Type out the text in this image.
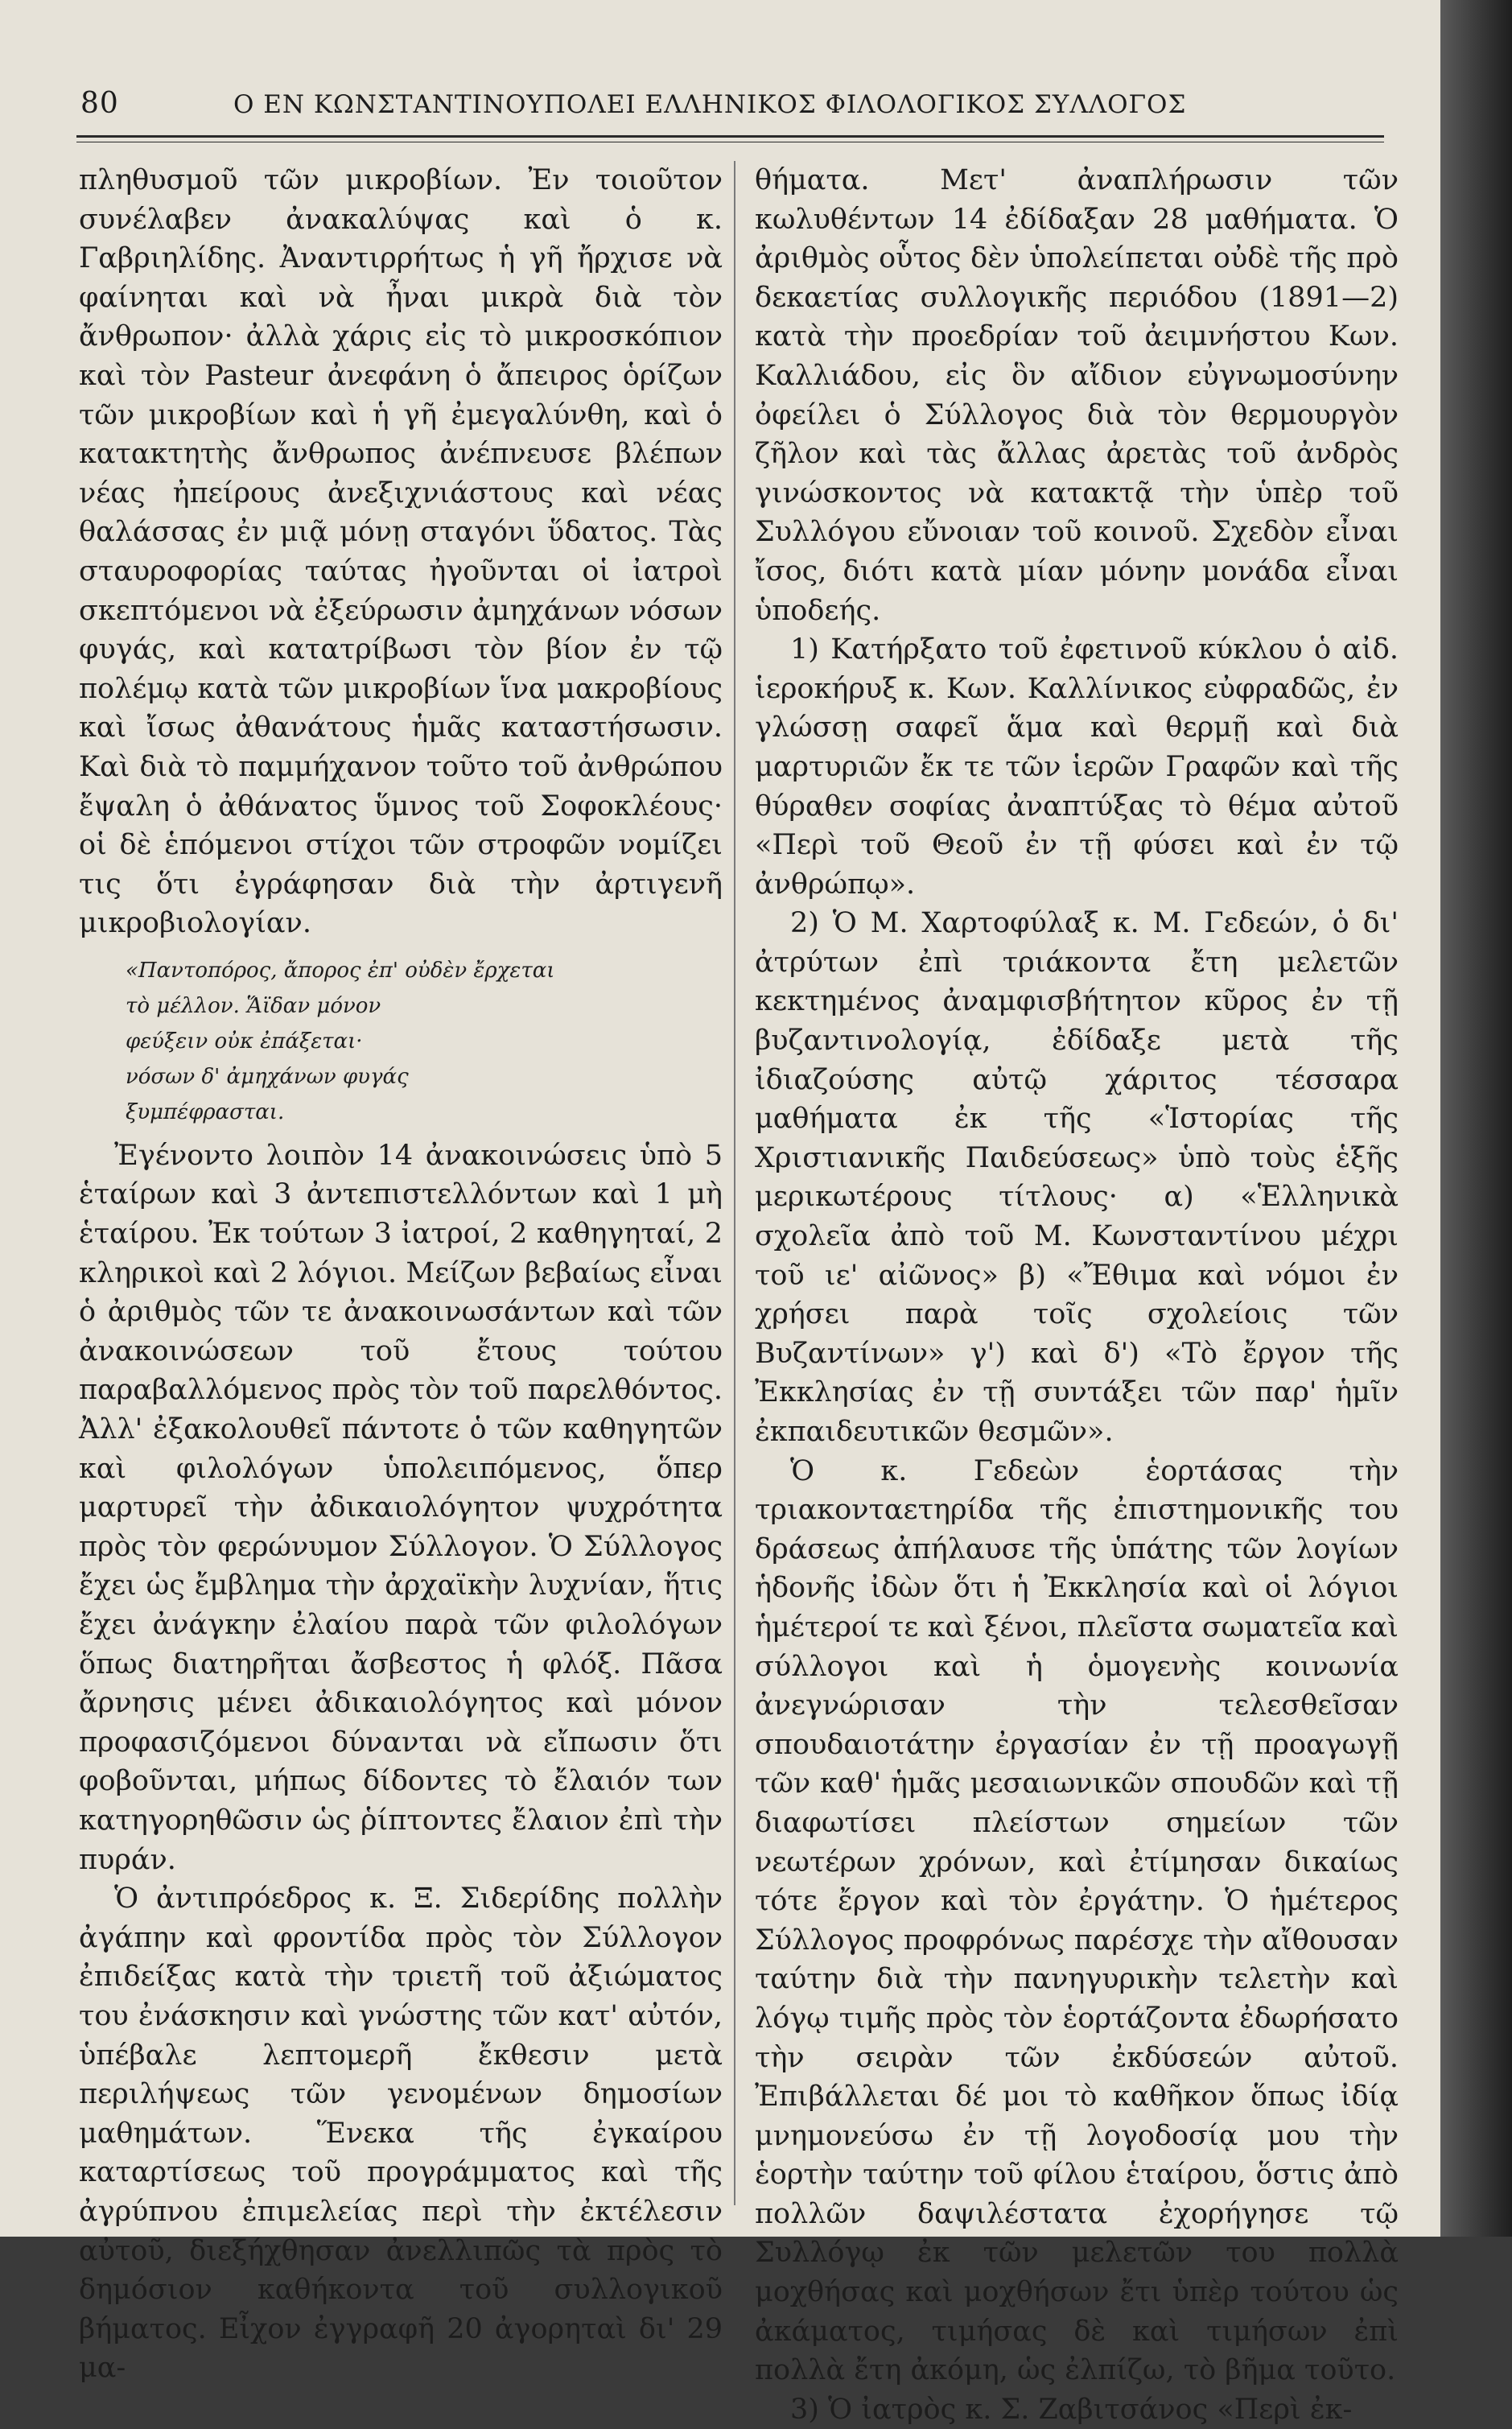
80	Ο ΕΝ ΚΩΝΣΤΑΝΤΙΝΟΥΠΟΛΕΙ ΕΛΛΗΝΙΚΟΣ ΦΙΛΟΛΟΓΙΚΟΣ ΣΥΛΛΟΓΟΣ

πληθυσμοῦ τῶν μικροβίων. Ἐν τοιοῦτον συνέλαβεν ἀνακαλύψας καὶ ὁ κ. Γαβριηλίδης. Ἀναντιρρήτως ἡ γῆ ἤρχισε νὰ φαίνηται καὶ νὰ ἦναι μικρὰ διὰ τὸν ἄνθρωπον· ἀλλὰ χάρις εἰς τὸ μικροσκόπιον καὶ τὸν Pasteur ἀνεφάνη ὁ ἄπειρος ὁρίζων τῶν μικροβίων καὶ ἡ γῆ ἐμεγαλύνθη, καὶ ὁ κατακτητὴς ἄνθρωπος ἀνέπνευσε βλέπων νέας ἠπείρους ἀνεξιχνιάστους καὶ νέας θαλάσσας ἐν μιᾷ μόνῃ σταγόνι ὕδατος. Τὰς σταυροφορίας ταύτας ἠγοῦνται οἱ ἰατροὶ σκεπτόμενοι νὰ ἐξεύρωσιν ἀμηχάνων νόσων φυγάς, καὶ κατατρίβωσι τὸν βίον ἐν τῷ πολέμῳ κατὰ τῶν μικροβίων ἵνα μακροβίους καὶ ἴσως ἀθανάτους ἡμᾶς καταστήσωσιν. Καὶ διὰ τὸ παμμήχανον τοῦτο τοῦ ἀνθρώπου ἔψαλη ὁ ἀθάνατος ὕμνος τοῦ Σοφοκλέους· οἱ δὲ ἑπόμενοι στίχοι τῶν στροφῶν νομίζει τις ὅτι ἐγράφησαν διὰ τὴν ἀρτιγενῆ μικροβιολογίαν.

«Παντοπόρος, ἄπορος ἐπ' οὐδὲν ἔρχεται
τὸ μέλλον. Ἅϊδαν μόνον
φεύξειν οὐκ ἐπάξεται·
νόσων δ' ἀμηχάνων φυγάς
ξυμπέφρασται.

Ἐγένοντο λοιπὸν 14 ἀνακοινώσεις ὑπὸ 5 ἑταίρων καὶ 3 ἀντεπιστελλόντων καὶ 1 μὴ ἑταίρου. Ἐκ τούτων 3 ἰατροί, 2 καθηγηταί, 2 κληρικοὶ καὶ 2 λόγιοι. Μείζων βεβαίως εἶναι ὁ ἀριθμὸς τῶν τε ἀνακοινωσάντων καὶ τῶν ἀνακοινώσεων τοῦ ἔτους τούτου παραβαλλόμενος πρὸς τὸν τοῦ παρελθόντος. Ἀλλ' ἐξακολουθεῖ πάντοτε ὁ τῶν καθηγητῶν καὶ φιλολόγων ὑπολειπόμενος, ὅπερ μαρτυρεῖ τὴν ἀδικαιολόγητον ψυχρότητα πρὸς τὸν φερώνυμον Σύλλογον. Ὁ Σύλλογος ἔχει ὡς ἔμβλημα τὴν ἀρχαϊκὴν λυχνίαν, ἥτις ἔχει ἀνάγκην ἐλαίου παρὰ τῶν φιλολόγων ὅπως διατηρῆται ἄσβεστος ἡ φλόξ. Πᾶσα ἄρνησις μένει ἀδικαιολόγητος καὶ μόνον προφασιζόμενοι δύνανται νὰ εἴπωσιν ὅτι φοβοῦνται, μήπως δίδοντες τὸ ἔλαιόν των κατηγορηθῶσιν ὡς ῥίπτοντες ἔλαιον ἐπὶ τὴν πυράν.

Ὁ ἀντιπρόεδρος κ. Ξ. Σιδερίδης πολλὴν ἀγάπην καὶ φροντίδα πρὸς τὸν Σύλλογον ἐπιδείξας κατὰ τὴν τριετῆ τοῦ ἀξιώματος του ἐνάσκησιν καὶ γνώστης τῶν κατ' αὐτόν, ὑπέβαλε λεπτομερῆ ἔκθεσιν μετὰ περιλήψεως τῶν γενομένων δημοσίων μαθημάτων. Ἕνεκα τῆς ἐγκαίρου καταρτίσεως τοῦ προγράμματος καὶ τῆς ἀγρύπνου ἐπιμελείας περὶ τὴν ἐκτέλεσιν αὐτοῦ, διεξήχθησαν ἀνελλιπῶς τὰ πρὸς τὸ δημόσιον καθήκοντα τοῦ συλλογικοῦ βήματος. Εἶχον ἐγγραφῆ 20 ἀγορηταὶ δι' 29 μα-

θήματα. Μετ' ἀναπλήρωσιν τῶν κωλυθέντων 14 ἐδίδαξαν 28 μαθήματα. Ὁ ἀριθμὸς οὗτος δὲν ὑπολείπεται οὐδὲ τῆς πρὸ δεκαετίας συλλογικῆς περιόδου (1891—2) κατὰ τὴν προεδρίαν τοῦ ἀειμνήστου Κων. Καλλιάδου, εἰς ὃν αἴδιον εὐγνωμοσύνην ὀφείλει ὁ Σύλλογος διὰ τὸν θερμουργὸν ζῆλον καὶ τὰς ἄλλας ἀρετὰς τοῦ ἀνδρὸς γινώσκοντος νὰ κατακτᾷ τὴν ὑπὲρ τοῦ Συλλόγου εὔνοιαν τοῦ κοινοῦ. Σχεδὸν εἶναι ἴσος, διότι κατὰ μίαν μόνην μονάδα εἶναι ὑποδεής.

1) Κατήρξατο τοῦ ἐφετινοῦ κύκλου ὁ αἰδ. ἱεροκήρυξ κ. Κων. Καλλίνικος εὐφραδῶς, ἐν γλώσσῃ σαφεῖ ἅμα καὶ θερμῇ καὶ διὰ μαρτυριῶν ἔκ τε τῶν ἱερῶν Γραφῶν καὶ τῆς θύραθεν σοφίας ἀναπτύξας τὸ θέμα αὐτοῦ «Περὶ τοῦ Θεοῦ ἐν τῇ φύσει καὶ ἐν τῷ ἀνθρώπῳ».

2) Ὁ Μ. Χαρτοφύλαξ κ. Μ. Γεδεών, ὁ δι' ἀτρύτων ἐπὶ τριάκοντα ἔτη μελετῶν κεκτημένος ἀναμφισβήτητον κῦρος ἐν τῇ βυζαντινολογίᾳ, ἐδίδαξε μετὰ τῆς ἰδιαζούσης αὐτῷ χάριτος τέσσαρα μαθήματα ἐκ τῆς «Ἱστορίας τῆς Χριστιανικῆς Παιδεύσεως» ὑπὸ τοὺς ἑξῆς μερικωτέρους τίτλους· α) «Ἑλληνικὰ σχολεῖα ἀπὸ τοῦ Μ. Κωνσταντίνου μέχρι τοῦ ιε' αἰῶνος» β) «Ἔθιμα καὶ νόμοι ἐν χρήσει παρὰ τοῖς σχολείοις τῶν Βυζαντίνων» γ') καὶ δ') «Τὸ ἔργον τῆς Ἐκκλησίας ἐν τῇ συντάξει τῶν παρ' ἡμῖν ἐκπαιδευτικῶν θεσμῶν».

Ὁ κ. Γεδεὼν ἑορτάσας τὴν τριακονταετηρίδα τῆς ἐπιστημονικῆς του δράσεως ἀπήλαυσε τῆς ὑπάτης τῶν λογίων ἡδονῆς ἰδὼν ὅτι ἡ Ἐκκλησία καὶ οἱ λόγιοι ἡμέτεροί τε καὶ ξένοι, πλεῖστα σωματεῖα καὶ σύλλογοι καὶ ἡ ὁμογενὴς κοινωνία ἀνεγνώρισαν τὴν τελεσθεῖσαν σπουδαιοτάτην ἐργασίαν ἐν τῇ προαγωγῇ τῶν καθ' ἡμᾶς μεσαιωνικῶν σπουδῶν καὶ τῇ διαφωτίσει πλείστων σημείων τῶν νεωτέρων χρόνων, καὶ ἐτίμησαν δικαίως τότε ἔργον καὶ τὸν ἐργάτην. Ὁ ἡμέτερος Σύλλογος προφρόνως παρέσχε τὴν αἴθουσαν ταύτην διὰ τὴν πανηγυρικὴν τελετὴν καὶ λόγῳ τιμῆς πρὸς τὸν ἑορτάζοντα ἐδωρήσατο τὴν σειρὰν τῶν ἐκδύσεών αὐτοῦ. Ἐπιβάλλεται δέ μοι τὸ καθῆκον ὅπως ἰδίᾳ μνημονεύσω ἐν τῇ λογοδοσίᾳ μου τὴν ἑορτὴν ταύτην τοῦ φίλου ἑταίρου, ὅστις ἀπὸ πολλῶν δαψιλέστατα ἐχορήγησε τῷ Συλλόγῳ ἐκ τῶν μελετῶν του πολλὰ μοχθήσας καὶ μοχθήσων ἔτι ὑπὲρ τούτου ὡς ἀκάματος, τιμήσας δὲ καὶ τιμήσων ἐπὶ πολλὰ ἔτη ἀκόμη, ὡς ἐλπίζω, τὸ βῆμα τοῦτο.

3) Ὁ ἰατρὸς κ. Σ. Ζαβιτσάνος «Περὶ ἐκ-
